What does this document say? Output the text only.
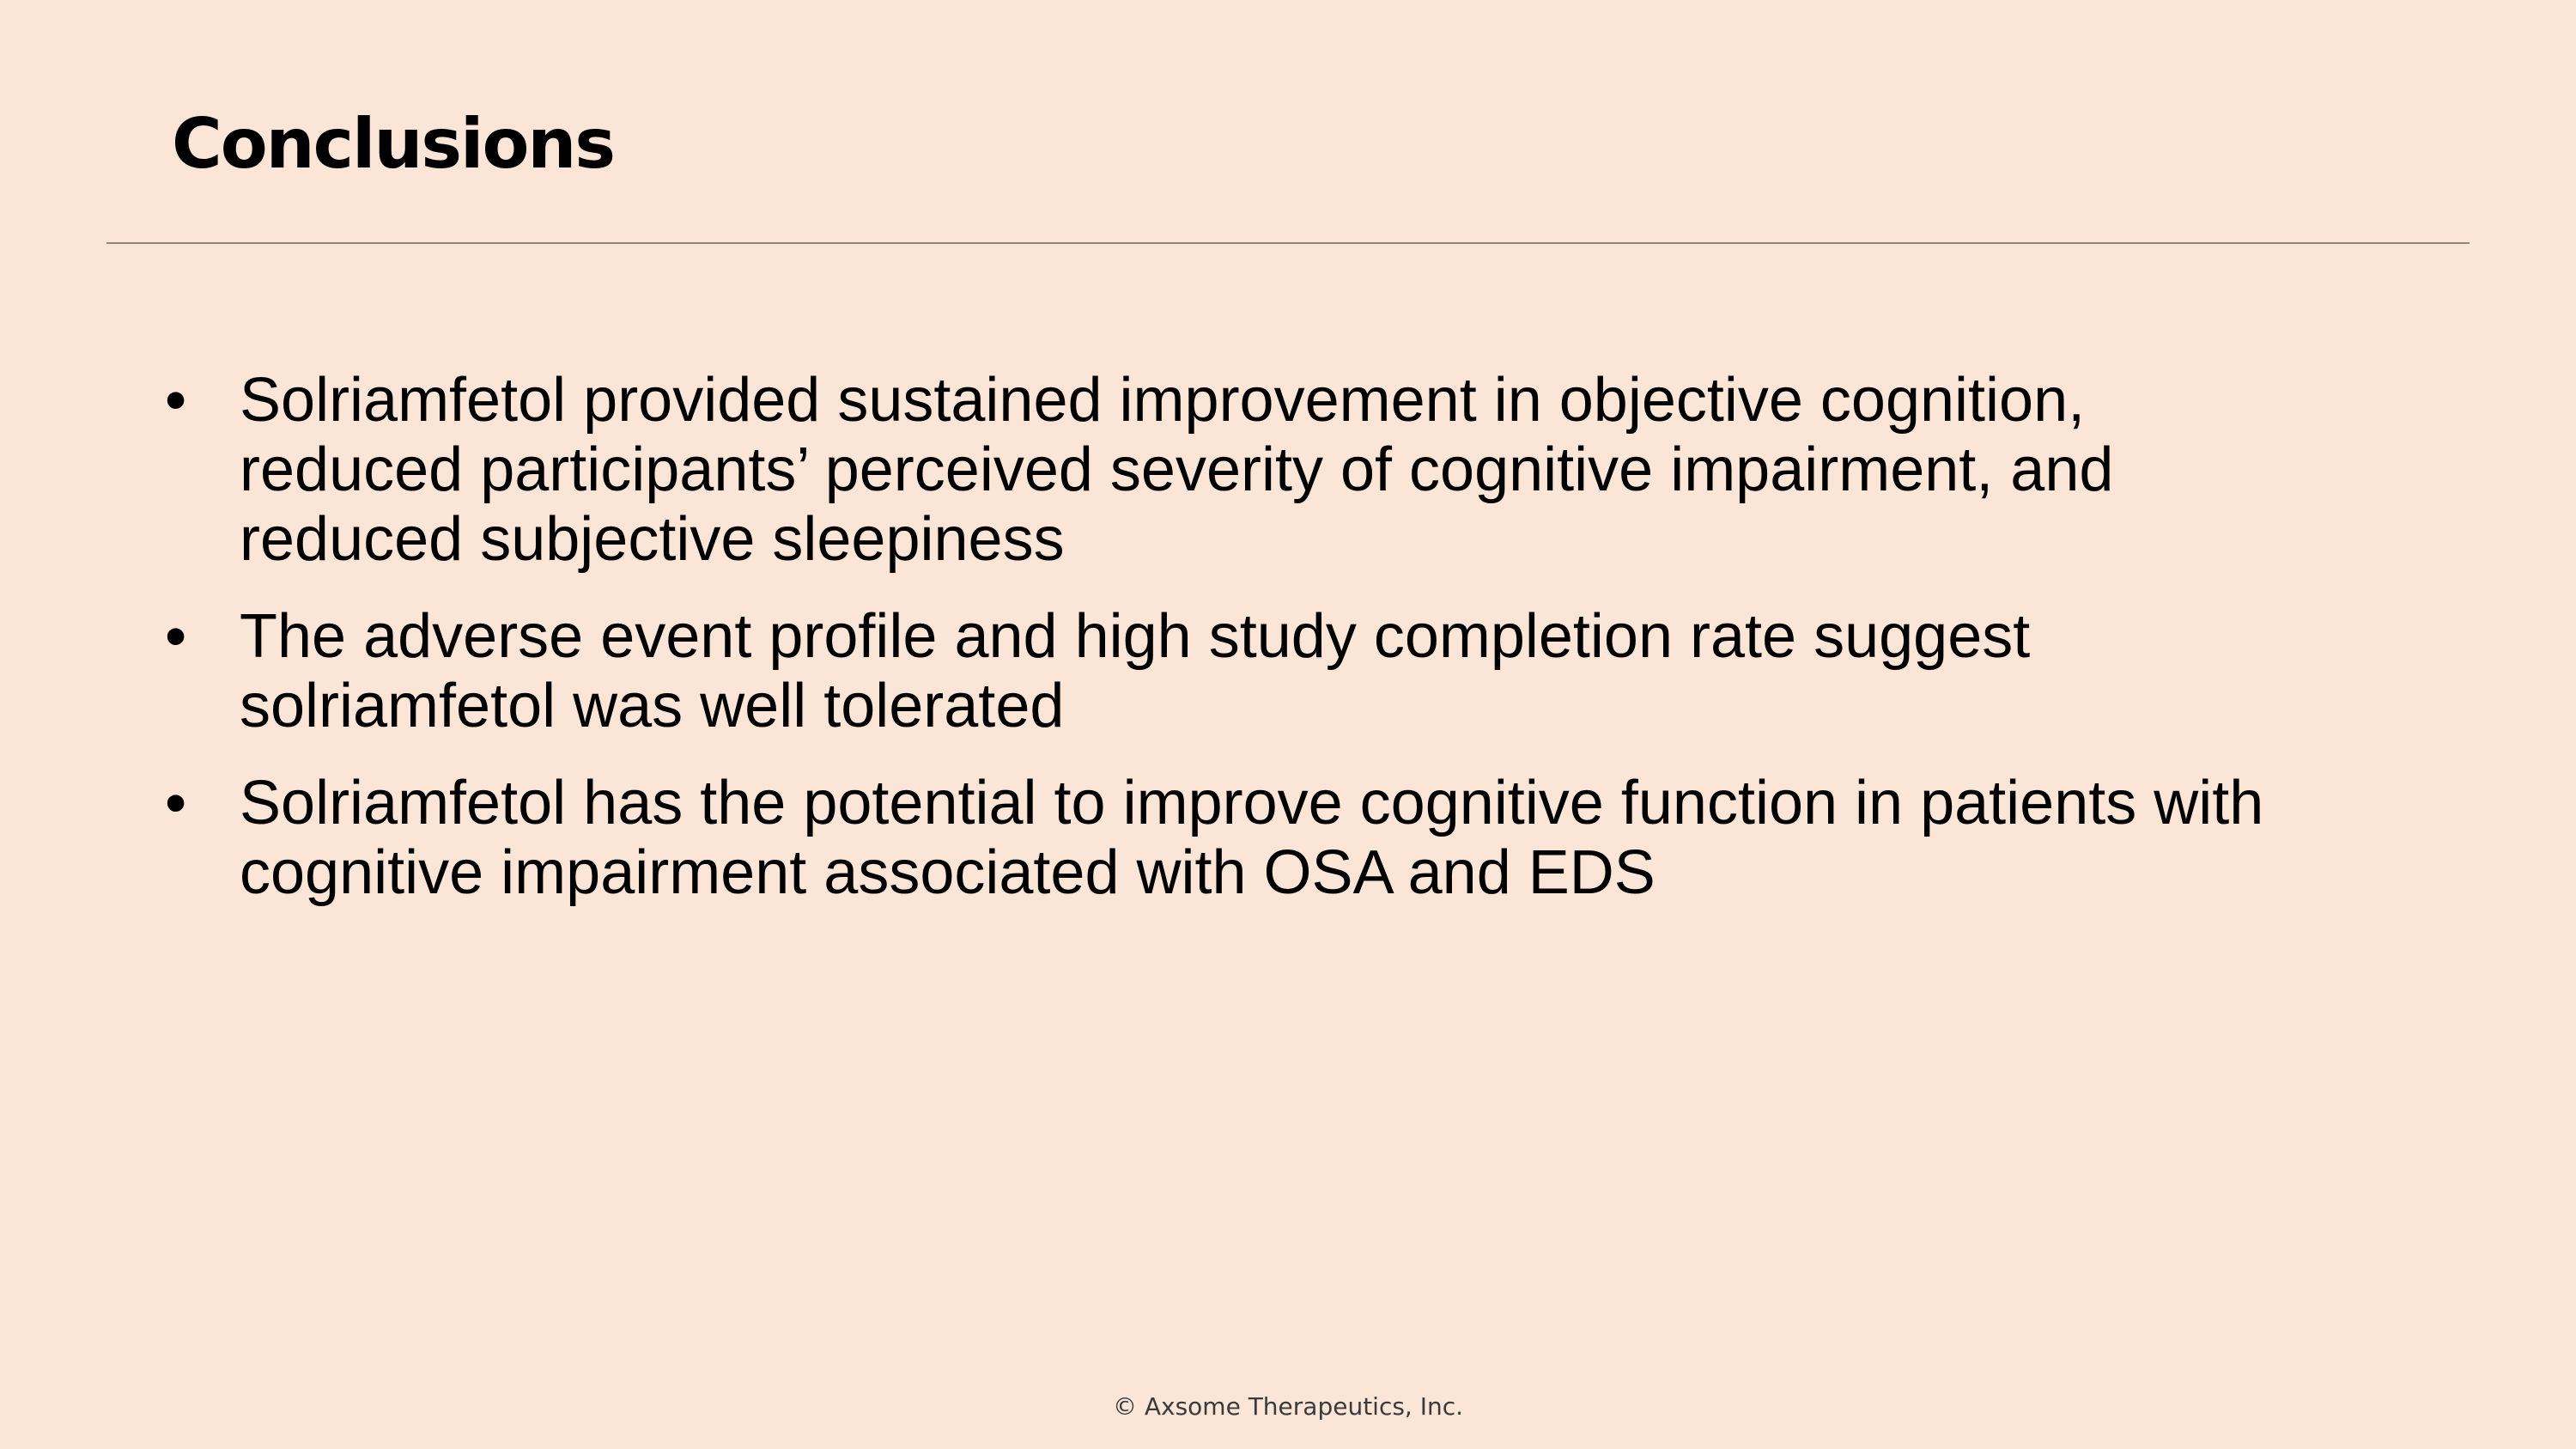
Conclusions
• Solriamfetol provided sustained improvement in objective cognition,
reduced participants’ perceived severity of cognitive impairment, and
reduced subjective sleepiness
• The adverse event profile and high study completion rate suggest
solriamfetol was well tolerated
• Solriamfetol has the potential to improve cognitive function in patients with
cognitive impairment associated with OSA and EDS
© Axsome Therapeutics, Inc.
